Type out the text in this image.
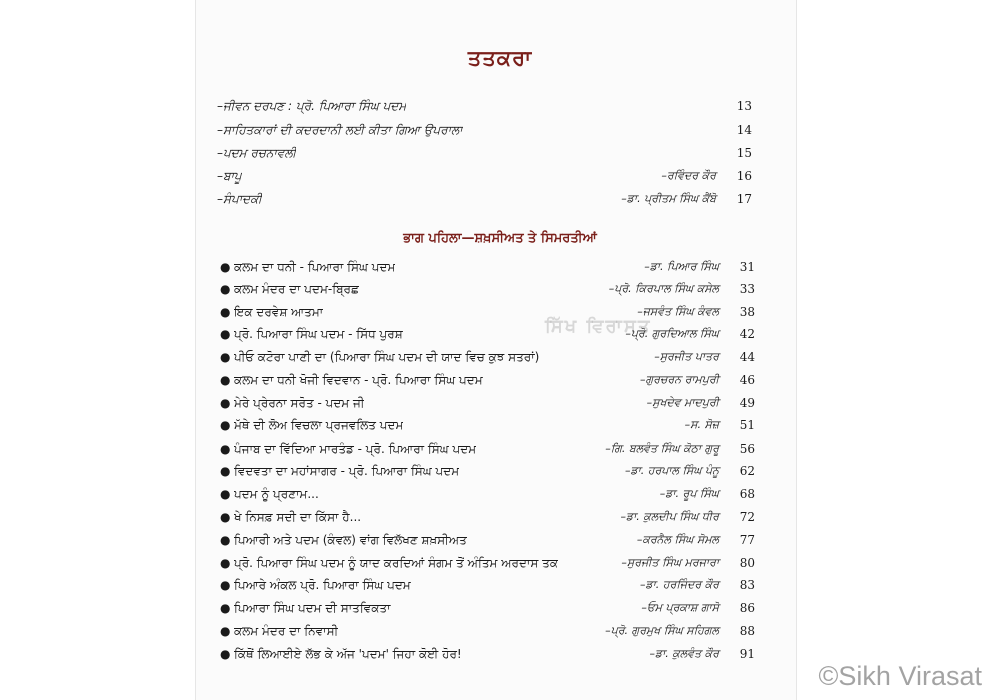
ਤਤਕਰਾ
–ਜੀਵਨ ਦਰਪਣ : ਪ੍ਰੋ. ਪਿਆਰਾ ਸਿੰਘ ਪਦਮ	13
–ਸਾਹਿਤਕਾਰਾਂ ਦੀ ਕਦਰਦਾਨੀ ਲਈ ਕੀਤਾ ਗਿਆ ਉਪਰਾਲਾ	14
–ਪਦਮ ਰਚਨਾਵਲੀ	15
–ਬਾਪੂ	–ਰਵਿੰਦਰ ਕੌਰ	16
–ਸੰਪਾਦਕੀ	–ਡਾ. ਪ੍ਰੀਤਮ ਸਿੰਘ ਕੈਂਬੋ	17
ਭਾਗ ਪਹਿਲਾ—ਸ਼ਖ਼ਸੀਅਤ ਤੇ ਸਿਮਰਤੀਆਂ
ਸਿੱਖ ਵਿਰਾਸਤ
● ਕਲਮ ਦਾ ਧਨੀ - ਪਿਆਰਾ ਸਿੰਘ ਪਦਮ	–ਡਾ. ਪਿਆਰ ਸਿੰਘ	31
● ਕਲਮ ਮੰਦਰ ਦਾ ਪਦਮ-ਬ੍ਰਿਛ	–ਪ੍ਰੋ. ਕਿਰਪਾਲ ਸਿੰਘ ਕਸੇਲ	33
● ਇਕ ਦਰਵੇਸ਼ ਆਤਮਾ	–ਜਸਵੰਤ ਸਿੰਘ ਕੰਵਲ	38
● ਪ੍ਰੋ. ਪਿਆਰਾ ਸਿੰਘ ਪਦਮ - ਸਿੱਧ ਪੁਰਸ਼	–ਪ੍ਰੋ. ਗੁਰਦਿਆਲ ਸਿੰਘ	42
● ਪੀਓ ਕਟੋਰਾ ਪਾਣੀ ਦਾ (ਪਿਆਰਾ ਸਿੰਘ ਪਦਮ ਦੀ ਯਾਦ ਵਿਚ ਕੁਝ ਸਤਰਾਂ)	–ਸੁਰਜੀਤ ਪਾਤਰ	44
● ਕਲਮ ਦਾ ਧਨੀ ਖੋਜੀ ਵਿਦਵਾਨ - ਪ੍ਰੋ. ਪਿਆਰਾ ਸਿੰਘ ਪਦਮ	–ਗੁਰਚਰਨ ਰਾਮਪੁਰੀ	46
● ਮੇਰੇ ਪ੍ਰੇਰਨਾ ਸਰੋਤ - ਪਦਮ ਜੀ	–ਸੁਖਦੇਵ ਮਾਦਪੁਰੀ	49
● ਮੱਥੇ ਦੀ ਲੋਅ ਵਿਚਲਾ ਪ੍ਰਜਵਲਿਤ ਪਦਮ	–ਸ. ਸੋਜ਼	51
● ਪੰਜਾਬ ਦਾ ਵਿੱਦਿਆ ਮਾਰਤੰਡ - ਪ੍ਰੋ. ਪਿਆਰਾ ਸਿੰਘ ਪਦਮ	–ਗਿ. ਬਲਵੰਤ ਸਿੰਘ ਕੋਠਾ ਗੁਰੂ	56
● ਵਿਦਵਤਾ ਦਾ ਮਹਾਂਸਾਗਰ - ਪ੍ਰੋ. ਪਿਆਰਾ ਸਿੰਘ ਪਦਮ	–ਡਾ. ਹਰਪਾਲ ਸਿੰਘ ਪੰਨੂ	62
● ਪਦਮ ਨੂੰ ਪ੍ਰਣਾਮ...	–ਡਾ. ਰੂਪ ਸਿੰਘ	68
● ਖੇ ਨਿਸਫ਼ ਸਦੀ ਦਾ ਕਿੱਸਾ ਹੈ...	–ਡਾ. ਕੁਲਦੀਪ ਸਿੰਘ ਧੀਰ	72
● ਪਿਆਰੀ ਅਤੇ ਪਦਮ (ਕੰਵਲ) ਵਾਂਗ ਵਿਲੱਖਣ ਸ਼ਖ਼ਸੀਅਤ	–ਕਰਨੈਲ ਸਿੰਘ ਸੋਮਲ	77
● ਪ੍ਰੋ. ਪਿਆਰਾ ਸਿੰਘ ਪਦਮ ਨੂੰ ਯਾਦ ਕਰਦਿਆਂ ਸੰਗਮ ਤੋਂ ਅੰਤਿਮ ਅਰਦਾਸ ਤਕ	–ਸੁਰਜੀਤ ਸਿੰਘ ਮਰਜਾਰਾ	80
● ਪਿਆਰੇ ਅੰਕਲ ਪ੍ਰੋ. ਪਿਆਰਾ ਸਿੰਘ ਪਦਮ	–ਡਾ. ਹਰਜਿੰਦਰ ਕੌਰ	83
● ਪਿਆਰਾ ਸਿੰਘ ਪਦਮ ਦੀ ਸਾਤਵਿਕਤਾ	–ਓਮ ਪ੍ਰਕਾਸ਼ ਗਾਸੋ	86
● ਕਲਮ ਮੰਦਰ ਦਾ ਨਿਵਾਸੀ	–ਪ੍ਰੋ. ਗੁਰਮੁਖ ਸਿੰਘ ਸਹਿਗਲ	88
● ਕਿੱਥੋਂ ਲਿਆਈਏ ਲੱਭ ਕੇ ਅੱਜ 'ਪਦਮ' ਜਿਹਾ ਕੋਈ ਹੋਰ!	–ਡਾ. ਕੁਲਵੰਤ ਕੌਰ	91
©Sikh Virasat
